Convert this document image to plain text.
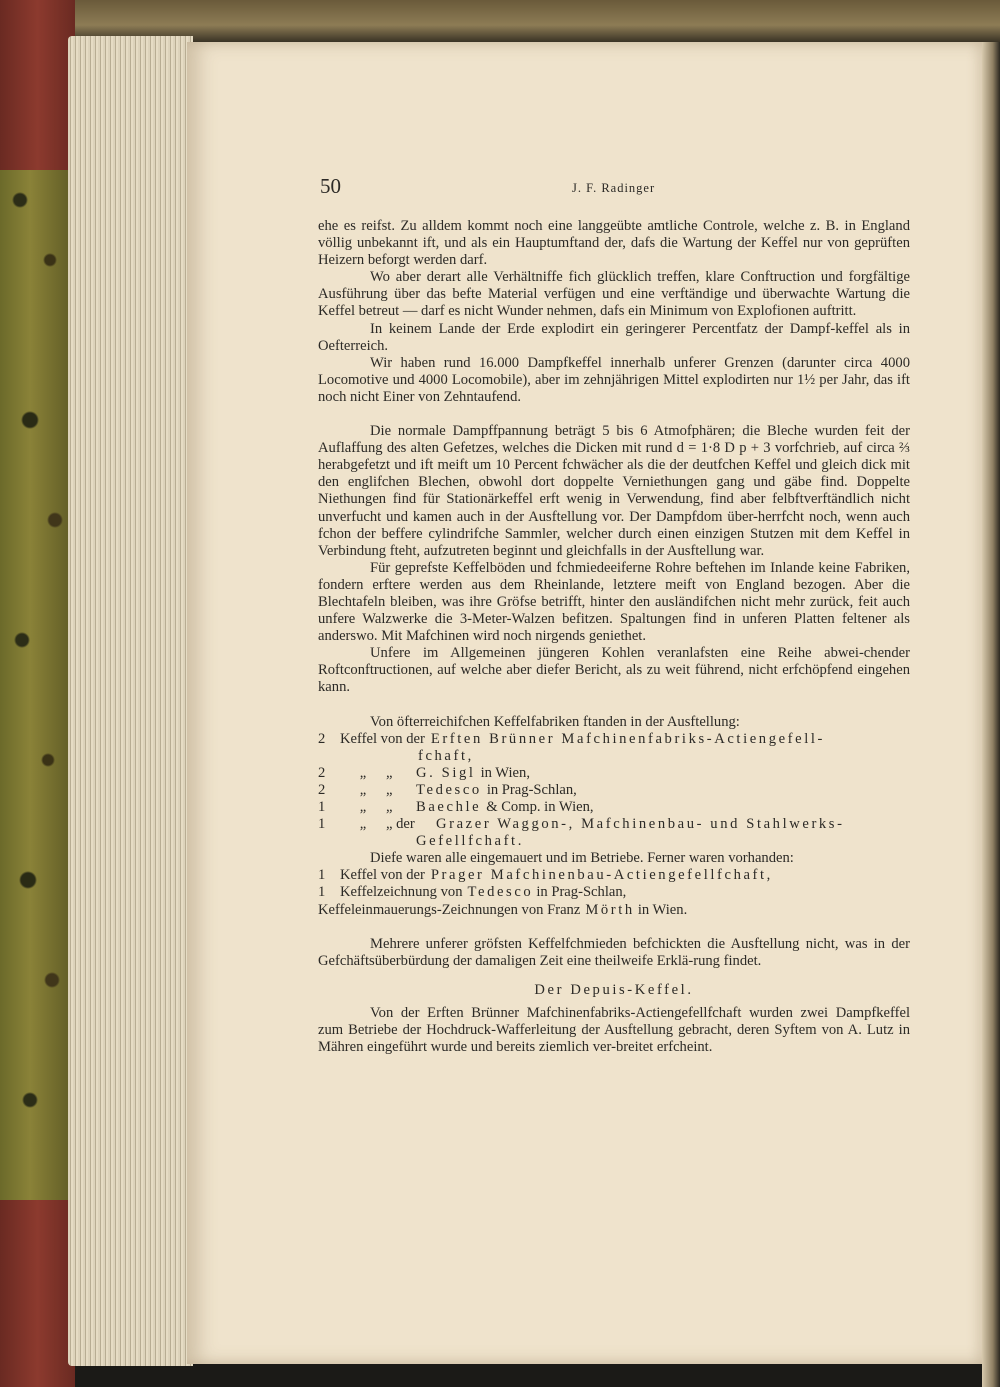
50	J. F. Radinger

ehe es reifst. Zu alldem kommt noch eine langgeübte amtliche Controle, welche z. B. in England völlig unbekannt ift, und als ein Hauptumftand der, dafs die Wartung der Keffel nur von geprüften Heizern beforgt werden darf.

Wo aber derart alle Verhältniffe fich glücklich treffen, klare Conftruction und forgfältige Ausführung über das befte Material verfügen und eine verftändige und überwachte Wartung die Keffel betreut — darf es nicht Wunder nehmen, dafs ein Minimum von Explofionen auftritt.

In keinem Lande der Erde explodirt ein geringerer Percentfatz der Dampf-keffel als in Oefterreich.

Wir haben rund 16.000 Dampfkeffel innerhalb unferer Grenzen (darunter circa 4000 Locomotive und 4000 Locomobile), aber im zehnjährigen Mittel explodirten nur 1½ per Jahr, das ift noch nicht Einer von Zehntaufend.

Die normale Dampffpannung beträgt 5 bis 6 Atmofphären; die Bleche wurden feit der Auflaffung des alten Gefetzes, welches die Dicken mit rund d = 1·8 D p + 3 vorfchrieb, auf circa ⅔ herabgefetzt und ift meift um 10 Percent fchwächer als die der deutfchen Keffel und gleich dick mit den englifchen Blechen, obwohl dort doppelte Verniethungen gang und gäbe find. Doppelte Niethungen find für Stationärkeffel erft wenig in Verwendung, find aber felbftverftändlich nicht unverfucht und kamen auch in der Ausftellung vor. Der Dampfdom über-herrfcht noch, wenn auch fchon der beffere cylindrifche Sammler, welcher durch einen einzigen Stutzen mit dem Keffel in Verbindung fteht, aufzutreten beginnt und gleichfalls in der Ausftellung war.

Für geprefste Keffelböden und fchmiedeeiferne Rohre beftehen im Inlande keine Fabriken, fondern erftere werden aus dem Rheinlande, letztere meift von England bezogen. Aber die Blechtafeln bleiben, was ihre Gröfse betrifft, hinter den ausländifchen nicht mehr zurück, feit auch unfere Walzwerke die 3-Meter-Walzen befitzen. Spaltungen find in unferen Platten feltener als anderswo. Mit Mafchinen wird noch nirgends geniethet.

Unfere im Allgemeinen jüngeren Kohlen veranlafsten eine Reihe abwei-chender Roftconftructionen, auf welche aber diefer Bericht, als zu weit führend, nicht erfchöpfend eingehen kann.

Von öfterreichifchen Keffelfabriken ftanden in der Ausftellung:

2	Keffel von der Erften Brünner Mafchinenfabriks-Actiengefell-
fchaft,
2	„	„	G. Sigl in Wien,
2	„	„	Tedesco in Prag-Schlan,
1	„	„	Baechle & Comp. in Wien,
1	„	„ der	Grazer Waggon-, Mafchinenbau- und Stahlwerks-
Gefellfchaft.

Diefe waren alle eingemauert und im Betriebe. Ferner waren vorhanden:

1	Keffel von der Prager Mafchinenbau-Actiengefellfchaft,
1	Keffelzeichnung von Tedesco in Prag-Schlan,
Keffeleinmauerungs-Zeichnungen von Franz Mörth in Wien.

Mehrere unferer gröfsten Keffelfchmieden befchickten die Ausftellung nicht, was in der Gefchäftsüberbürdung der damaligen Zeit eine theilweife Erklä-rung findet.

Der Depuis-Keffel.

Von der Erften Brünner Mafchinenfabriks-Actiengefellfchaft wurden zwei Dampfkeffel zum Betriebe der Hochdruck-Wafferleitung der Ausftellung gebracht, deren Syftem von A. Lutz in Mähren eingeführt wurde und bereits ziemlich ver-breitet erfcheint.
